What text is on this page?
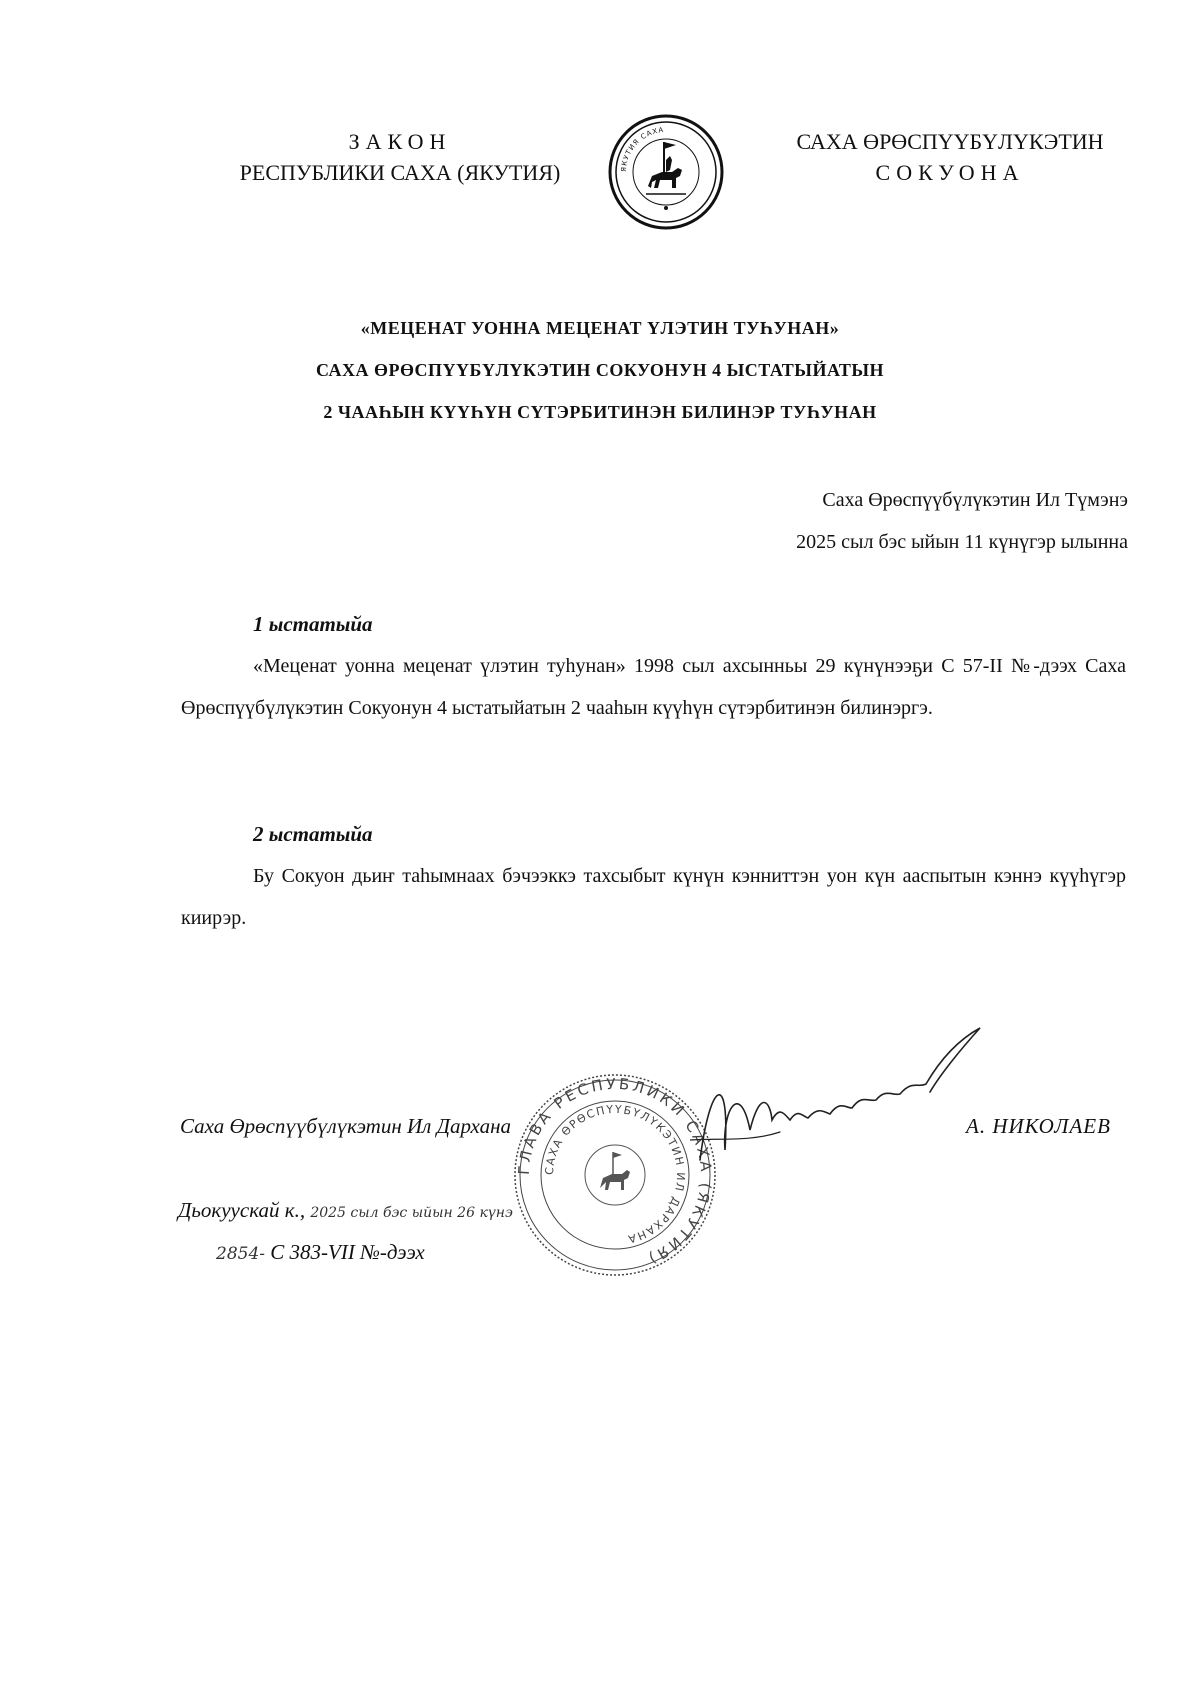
ЗАКОН
РЕСПУБЛИКИ САХА (ЯКУТИЯ)	ЯКУТИЯ САХА	САХА ӨРӨСПҮҮБҮЛҮКЭТИН
СОКУОНА
«МЕЦЕНАТ УОННА МЕЦЕНАТ ҮЛЭТИН ТУҺУНАН»
САХА ӨРӨСПҮҮБҮЛҮКЭТИН СОКУОНУН 4 ЫСТАТЫЙАТЫН
2 ЧААҺЫН КҮҮҺҮН СҮТЭРБИТИНЭН БИЛИНЭР ТУҺУНАН
Саха Өрөспүүбүлүкэтин Ил Түмэнэ
2025 сыл бэс ыйын 11 күнүгэр ылынна
1 ыстатыйа
«Меценат уонна меценат үлэтин туһунан» 1998 сыл ахсынньы 29 күнүнээҕи С 57-II №-дээх Саха Өрөспүүбүлүкэтин Сокуонун 4 ыстатыйатын 2 чааһын күүһүн сүтэрбитинэн билинэргэ.
2 ыстатыйа
Бу Сокуон дьиҥ таһымнаах бэчээккэ тахсыбыт күнүн кэнниттэн уон күн ааспытын кэннэ күүһүгэр киирэр.
Саха Өрөспүүбүлүкэтин Ил Дархана	А. НИКОЛАЕВ
Дьокуускай к., 2025 сыл бэс ыйын 26 күнэ
2854- С 383-VII №-дээх
ГЛАВА РЕСПУБЛИКИ САХА (ЯКУТИЯ)
САХА ӨРӨСПҮҮБҮЛҮКЭТИН ИЛ ДАРХАНА
